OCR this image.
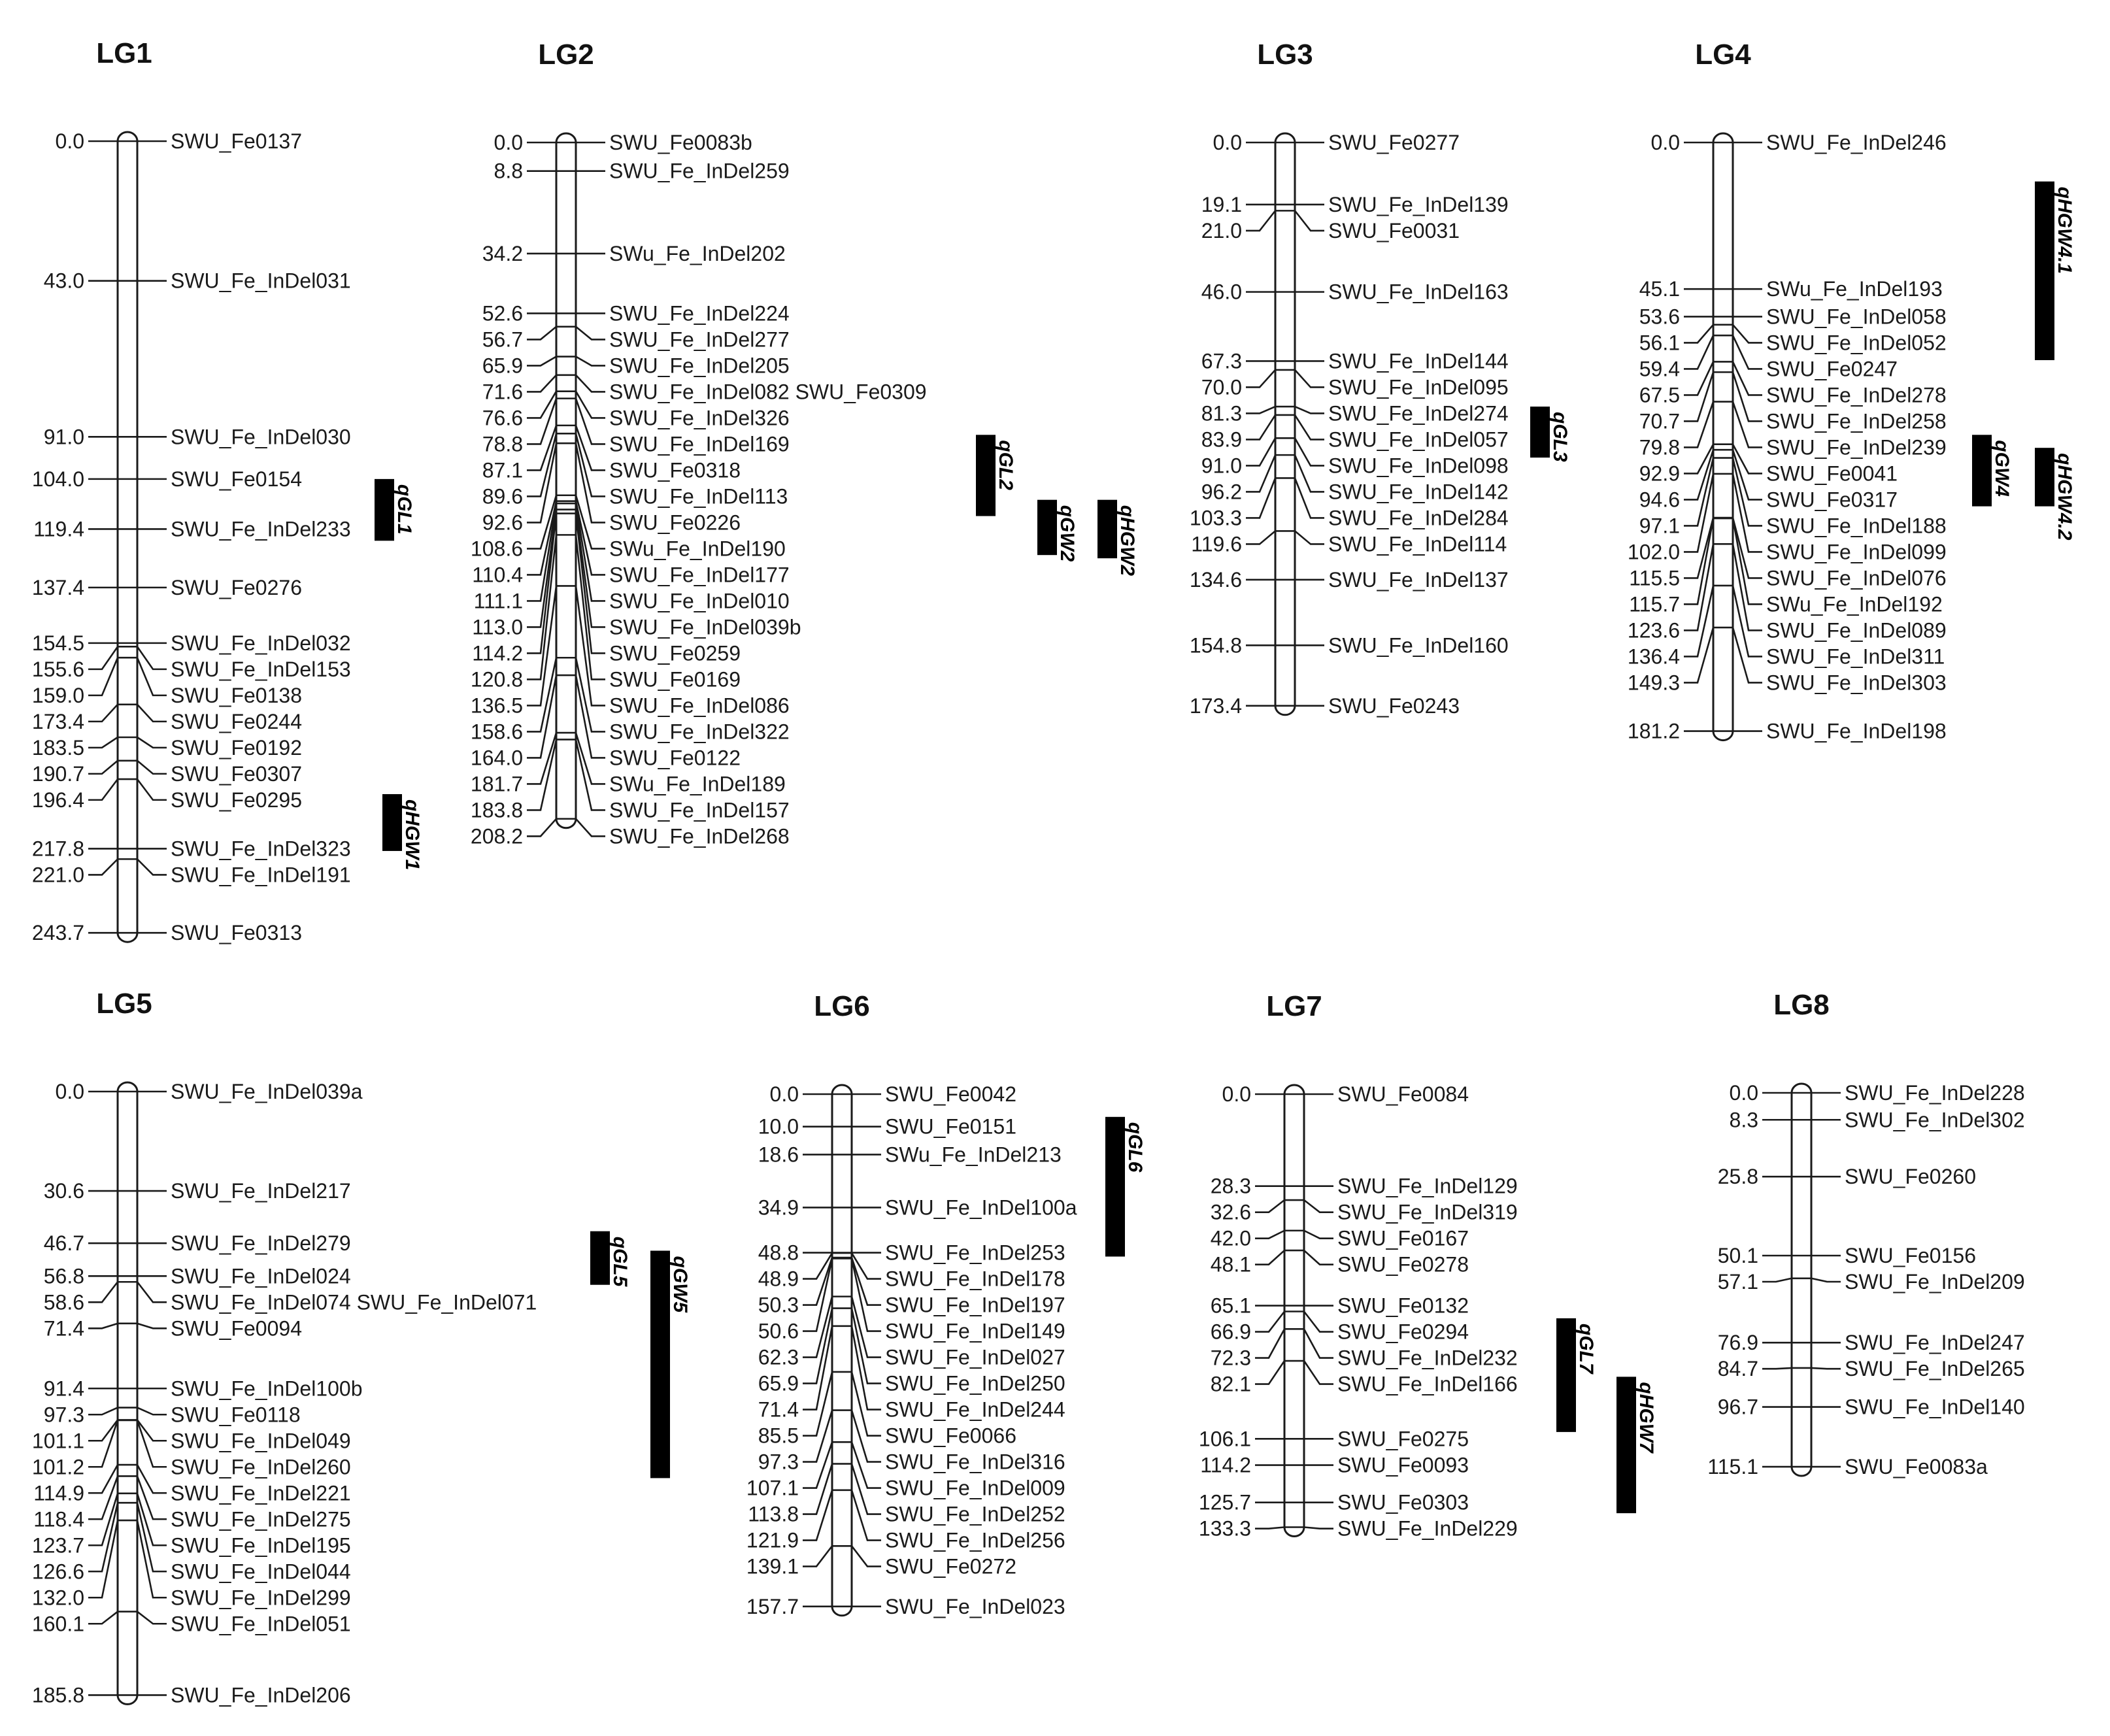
LG1
0.0	SWU_Fe0137
43.0	SWU_Fe_InDel031
91.0	SWU_Fe_InDel030
104.0	SWU_Fe0154
119.4	SWU_Fe_InDel233
137.4	SWU_Fe0276
154.5	SWU_Fe_InDel032
155.6	SWU_Fe_InDel153
159.0	SWU_Fe0138
173.4	SWU_Fe0244
183.5	SWU_Fe0192
190.7	SWU_Fe0307
196.4	SWU_Fe0295
217.8	SWU_Fe_InDel323
221.0	SWU_Fe_InDel191
243.7	SWU_Fe0313
qGL1
qHGW1
LG2
0.0	SWU_Fe0083b
8.8	SWU_Fe_InDel259
34.2	SWu_Fe_InDel202
52.6	SWU_Fe_InDel224
56.7	SWU_Fe_InDel277
65.9	SWU_Fe_InDel205
71.6	SWU_Fe_InDel082 SWU_Fe0309
76.6	SWU_Fe_InDel326
78.8	SWU_Fe_InDel169
87.1	SWU_Fe0318
89.6	SWU_Fe_InDel113
92.6	SWU_Fe0226
108.6	SWu_Fe_InDel190
110.4	SWU_Fe_InDel177
111.1	SWU_Fe_InDel010
113.0	SWU_Fe_InDel039b
114.2	SWU_Fe0259
120.8	SWU_Fe0169
136.5	SWU_Fe_InDel086
158.6	SWU_Fe_InDel322
164.0	SWU_Fe0122
181.7	SWu_Fe_InDel189
183.8	SWU_Fe_InDel157
208.2	SWU_Fe_InDel268
qGL2
qGW2 qHGW2
LG3
0.0	SWU_Fe0277
19.1	SWU_Fe_InDel139
21.0	SWU_Fe0031
46.0	SWU_Fe_InDel163
67.3	SWU_Fe_InDel144
70.0	SWU_Fe_InDel095
81.3	SWU_Fe_InDel274
83.9	SWU_Fe_InDel057
91.0	SWU_Fe_InDel098
96.2	SWU_Fe_InDel142
103.3	SWU_Fe_InDel284
119.6	SWU_Fe_InDel114
134.6	SWU_Fe_InDel137
154.8	SWU_Fe_InDel160
173.4	SWU_Fe0243
qGL3
LG4
0.0	SWU_Fe_InDel246
45.1	SWu_Fe_InDel193
53.6	SWU_Fe_InDel058
56.1	SWU_Fe_InDel052
59.4	SWU_Fe0247
67.5	SWU_Fe_InDel278
70.7	SWU_Fe_InDel258
79.8	SWU_Fe_InDel239
92.9	SWU_Fe0041
94.6	SWU_Fe0317
97.1	SWU_Fe_InDel188
102.0	SWU_Fe_InDel099
115.5	SWU_Fe_InDel076
115.7	SWu_Fe_InDel192
123.6	SWU_Fe_InDel089
136.4	SWU_Fe_InDel311
149.3	SWU_Fe_InDel303
181.2	SWU_Fe_InDel198
qHGW4.1
qGW4 qHGW4.2
LG5
0.0	SWU_Fe_InDel039a
30.6	SWU_Fe_InDel217
46.7	SWU_Fe_InDel279
56.8	SWU_Fe_InDel024
58.6	SWU_Fe_InDel074 SWU_Fe_InDel071
71.4	SWU_Fe0094
91.4	SWU_Fe_InDel100b
97.3	SWU_Fe0118
101.1	SWU_Fe_InDel049
101.2	SWU_Fe_InDel260
114.9	SWU_Fe_InDel221
118.4	SWU_Fe_InDel275
123.7	SWU_Fe_InDel195
126.6	SWU_Fe_InDel044
132.0	SWU_Fe_InDel299
160.1	SWU_Fe_InDel051
185.8	SWU_Fe_InDel206
qGL5 qGW5
LG6
0.0	SWU_Fe0042
10.0	SWU_Fe0151
18.6	SWu_Fe_InDel213
34.9	SWU_Fe_InDel100a
48.8	SWU_Fe_InDel253
48.9	SWU_Fe_InDel178
50.3	SWU_Fe_InDel197
50.6	SWU_Fe_InDel149
62.3	SWU_Fe_InDel027
65.9	SWU_Fe_InDel250
71.4	SWU_Fe_InDel244
85.5	SWU_Fe0066
97.3	SWU_Fe_InDel316
107.1	SWU_Fe_InDel009
113.8	SWU_Fe_InDel252
121.9	SWU_Fe_InDel256
139.1	SWU_Fe0272
157.7	SWU_Fe_InDel023
qGL6
LG7
0.0	SWU_Fe0084
28.3	SWU_Fe_InDel129
32.6	SWU_Fe_InDel319
42.0	SWU_Fe0167
48.1	SWU_Fe0278
65.1	SWU_Fe0132
66.9	SWU_Fe0294
72.3	SWU_Fe_InDel232
82.1	SWU_Fe_InDel166
106.1	SWU_Fe0275
114.2	SWU_Fe0093
125.7	SWU_Fe0303
133.3	SWU_Fe_InDel229
qGL7
qHGW7
LG8
0.0	SWU_Fe_InDel228
8.3	SWU_Fe_InDel302
25.8	SWU_Fe0260
50.1	SWU_Fe0156
57.1	SWU_Fe_InDel209
76.9	SWU_Fe_InDel247
84.7	SWU_Fe_InDel265
96.7	SWU_Fe_InDel140
115.1	SWU_Fe0083a
